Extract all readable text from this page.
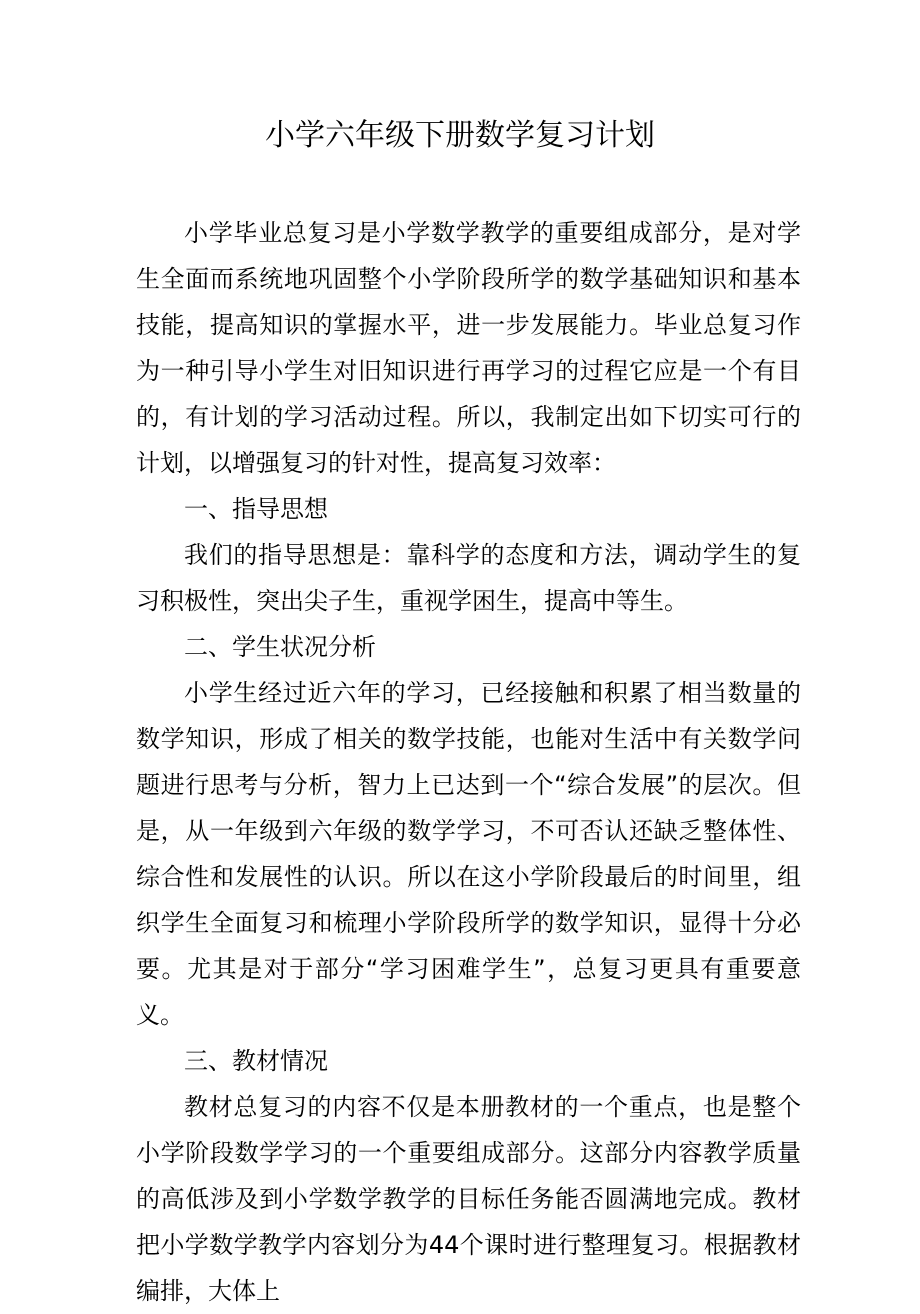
小学六年级下册数学复习计划

小学毕业总复习是小学数学教学的重要组成部分，是对学生全面而系统地巩固整个小学阶段所学的数学基础知识和基本技能，提高知识的掌握水平，进一步发展能力。毕业总复习作为一种引导小学生对旧知识进行再学习的过程它应是一个有目的，有计划的学习活动过程。所以，我制定出如下切实可行的计划，以增强复习的针对性，提高复习效率：

一、指导思想

我们的指导思想是：靠科学的态度和方法，调动学生的复习积极性，突出尖子生，重视学困生，提高中等生。

二、学生状况分析

小学生经过近六年的学习，已经接触和积累了相当数量的数学知识，形成了相关的数学技能，也能对生活中有关数学问题进行思考与分析，智力上已达到一个“综合发展”的层次。但是，从一年级到六年级的数学学习，不可否认还缺乏整体性、综合性和发展性的认识。所以在这小学阶段最后的时间里，组织学生全面复习和梳理小学阶段所学的数学知识，显得十分必要。尤其是对于部分“学习困难学生”，总复习更具有重要意义。

三、教材情况

教材总复习的内容不仅是本册教材的一个重点，也是整个小学阶段数学学习的一个重要组成部分。这部分内容教学质量的高低涉及到小学数学教学的目标任务能否圆满地完成。教材把小学数学教学内容划分为44个课时进行整理复习。根据教材编排，大体上
